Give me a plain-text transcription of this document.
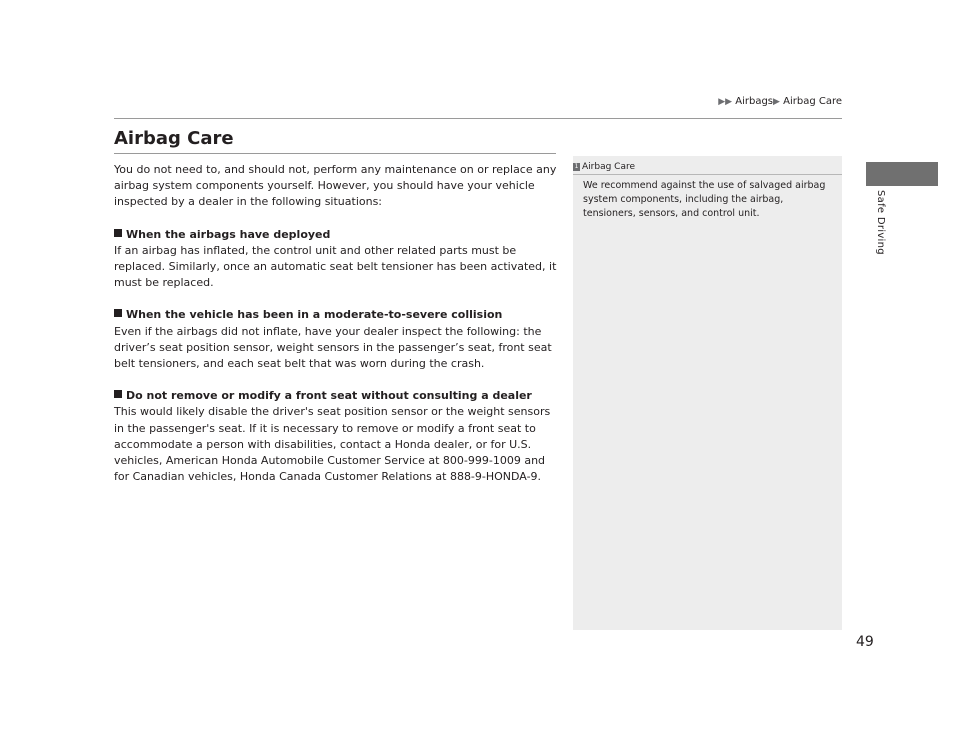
▶▶ Airbags▶ Airbag Care
Safe Driving
Airbag Care

You do not need to, and should not, perform any maintenance on or replace any airbag system components yourself. However, you should have your vehicle inspected by a dealer in the following situations:

When the airbags have deployed

If an airbag has inflated, the control unit and other related parts must be replaced. Similarly, once an automatic seat belt tensioner has been activated, it must be replaced.

When the vehicle has been in a moderate-to-severe collision

Even if the airbags did not inflate, have your dealer inspect the following: the driver’s seat position sensor, weight sensors in the passenger’s seat, front seat belt tensioners, and each seat belt that was worn during the crash.

Do not remove or modify a front seat without consulting a dealer

This would likely disable the driver's seat position sensor or the weight sensors in the passenger's seat. If it is necessary to remove or modify a front seat to accommodate a person with disabilities, contact a Honda dealer, or for U.S. vehicles, American Honda Automobile Customer Service at 800-999-1009 and for Canadian vehicles, Honda Canada Customer Relations at 888-9-HONDA-9.

1 Airbag Care

We recommend against the use of salvaged airbag system components, including the airbag, tensioners, sensors, and control unit.

49
